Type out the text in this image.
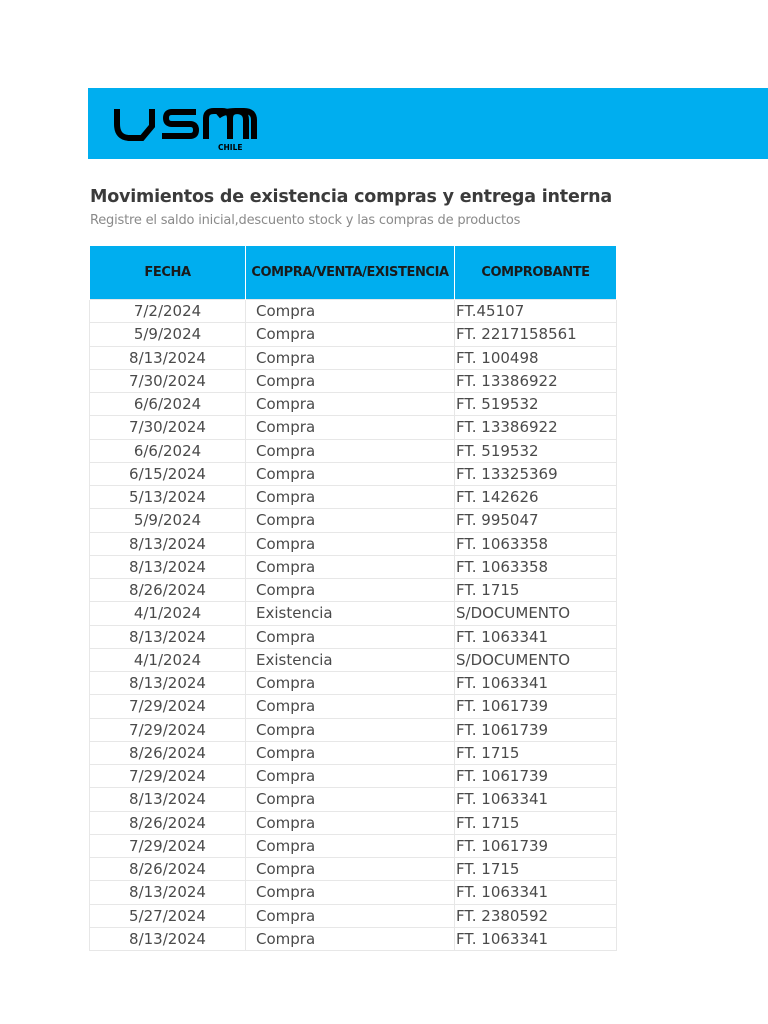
CHILE
Movimientos de existencia compras y entrega interna

Registre el saldo inicial,descuento stock y las compras de productos

FECHA	COMPRA/VENTA/EXISTENCIA	COMPROBANTE
7/2/2024	Compra	FT.45107
5/9/2024	Compra	FT. 2217158561
8/13/2024	Compra	FT. 100498
7/30/2024	Compra	FT. 13386922
6/6/2024	Compra	FT. 519532
7/30/2024	Compra	FT. 13386922
6/6/2024	Compra	FT. 519532
6/15/2024	Compra	FT. 13325369
5/13/2024	Compra	FT. 142626
5/9/2024	Compra	FT. 995047
8/13/2024	Compra	FT. 1063358
8/13/2024	Compra	FT. 1063358
8/26/2024	Compra	FT. 1715
4/1/2024	Existencia	S/DOCUMENTO
8/13/2024	Compra	FT. 1063341
4/1/2024	Existencia	S/DOCUMENTO
8/13/2024	Compra	FT. 1063341
7/29/2024	Compra	FT. 1061739
7/29/2024	Compra	FT. 1061739
8/26/2024	Compra	FT. 1715
7/29/2024	Compra	FT. 1061739
8/13/2024	Compra	FT. 1063341
8/26/2024	Compra	FT. 1715
7/29/2024	Compra	FT. 1061739
8/26/2024	Compra	FT. 1715
8/13/2024	Compra	FT. 1063341
5/27/2024	Compra	FT. 2380592
8/13/2024	Compra	FT. 1063341
